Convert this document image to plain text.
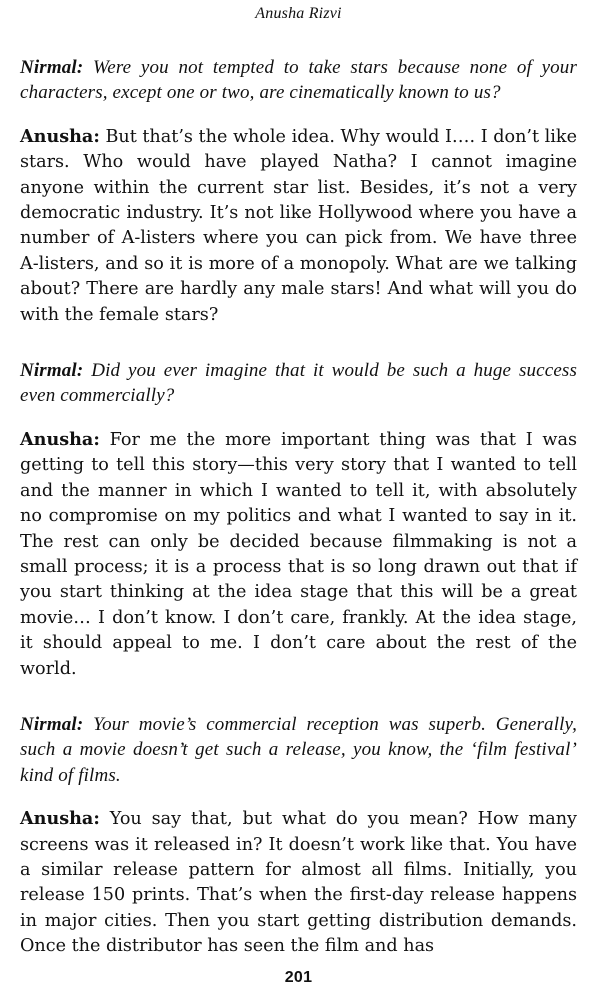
Anusha Rizvi

Nirmal: Were you not tempted to take stars because none of your characters, except one or two, are cinematically known to us?

Anusha: But that’s the whole idea. Why would I…. I don’t like stars. Who would have played Natha? I cannot imagine anyone within the current star list. Besides, it’s not a very democratic industry. It’s not like Hollywood where you have a number of A-listers where you can pick from. We have three A-listers, and so it is more of a monopoly. What are we talking about? There are hardly any male stars! And what will you do with the female stars?

Nirmal: Did you ever imagine that it would be such a huge success even commercially?

Anusha: For me the more important thing was that I was getting to tell this story—this very story that I wanted to tell and the manner in which I wanted to tell it, with absolutely no compromise on my politics and what I wanted to say in it. The rest can only be decided because filmmaking is not a small process; it is a process that is so long drawn out that if you start thinking at the idea stage that this will be a great movie… I don’t know. I don’t care, frankly. At the idea stage, it should appeal to me. I don’t care about the rest of the world.

Nirmal: Your movie’s commercial reception was superb. Generally, such a movie doesn’t get such a release, you know, the ‘film festival’ kind of films.

Anusha: You say that, but what do you mean? How many screens was it released in? It doesn’t work like that. You have a similar release pattern for almost all films. Initially, you release 150 prints. That’s when the first-day release happens in major cities. Then you start getting distribution demands. Once the distributor has seen the film and has

201
